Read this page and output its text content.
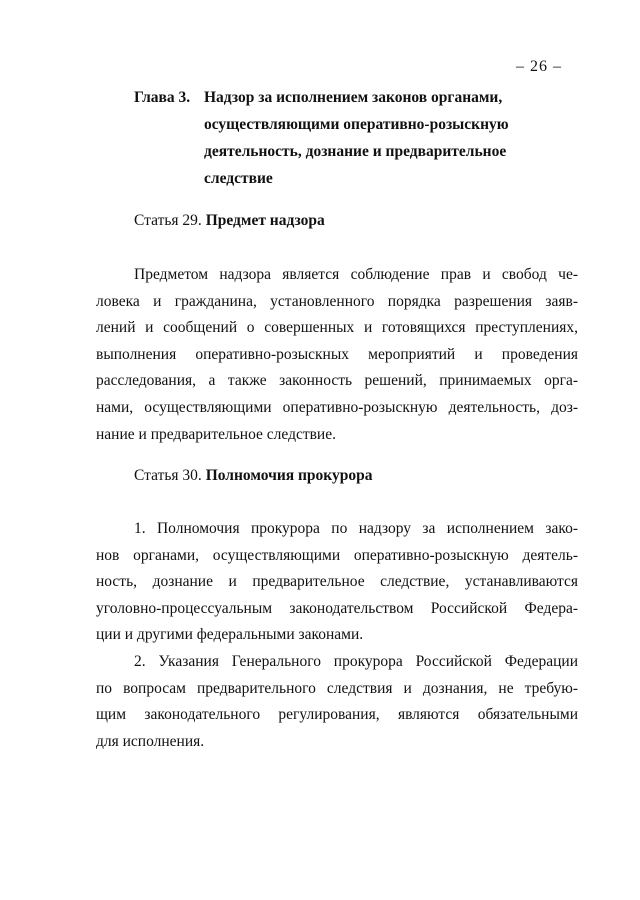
– 26 –
Глава 3. Надзор за исполнением законов органами,
осуществляющими оперативно-розыскную
деятельность, дознание и предварительное
следствие
Статья 29. Предмет надзора
Предметом надзора является соблюдение прав и свобод че-
ловека и гражданина, установленного порядка разрешения заяв-
лений и сообщений о совершенных и готовящихся преступлениях,
выполнения оперативно-розыскных мероприятий и проведения
расследования, а также законность решений, принимаемых орга-
нами, осуществляющими оперативно-розыскную деятельность, доз-
нание и предварительное следствие.
Статья 30. Полномочия прокурора
1. Полномочия прокурора по надзору за исполнением зако-
нов органами, осуществляющими оперативно-розыскную деятель-
ность, дознание и предварительное следствие, устанавливаются
уголовно-процессуальным законодательством Российской Федера-
ции и другими федеральными законами.
2. Указания Генерального прокурора Российской Федерации
по вопросам предварительного следствия и дознания, не требую-
щим законодательного регулирования, являются обязательными
для исполнения.
